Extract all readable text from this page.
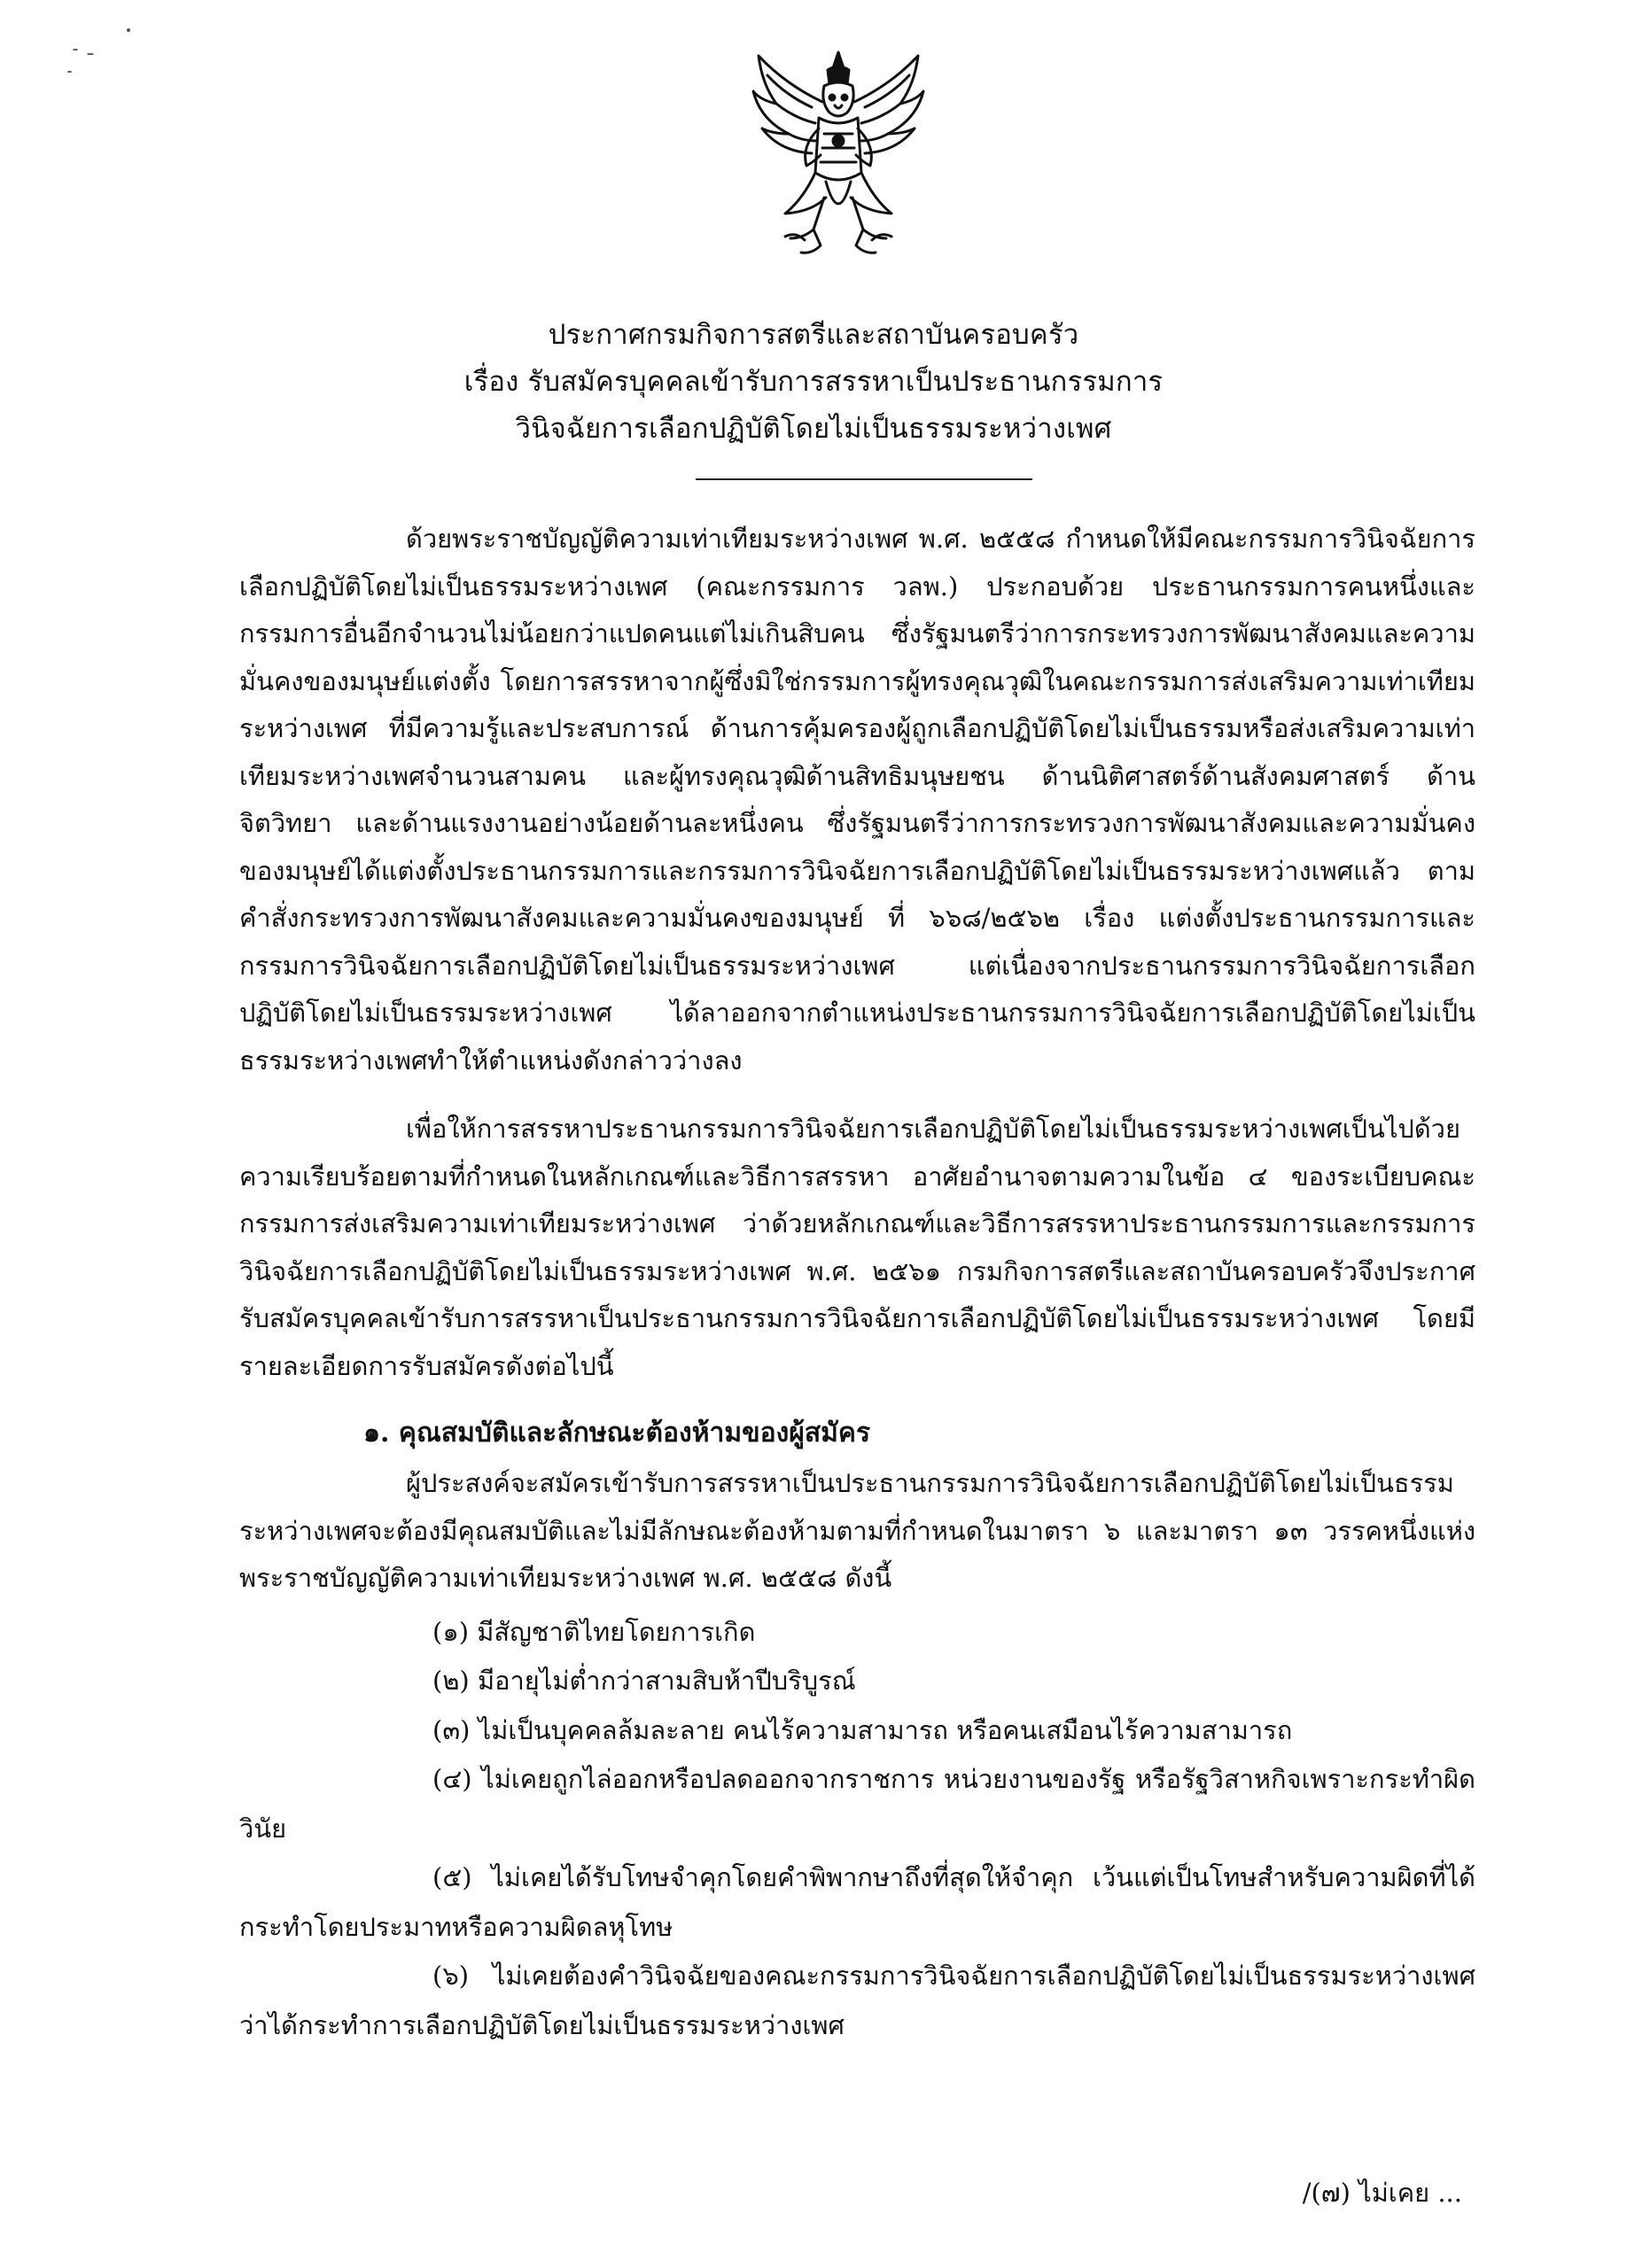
ประกาศกรมกิจการสตรีและสถาบันครอบครัว

เรื่อง รับสมัครบุคคลเข้ารับการสรรหาเป็นประธานกรรมการ

วินิจฉัยการเลือกปฏิบัติโดยไม่เป็นธรรมระหว่างเพศ

ด้วยพระราชบัญญัติความเท่าเทียมระหว่างเพศ พ.ศ. ๒๕๕๘ กำหนดให้มีคณะกรรมการวินิจฉัยการเลือกปฏิบัติโดยไม่เป็นธรรมระหว่างเพศ (คณะกรรมการ วลพ.) ประกอบด้วย ประธานกรรมการคนหนึ่งและกรรมการอื่นอีกจำนวนไม่น้อยกว่าแปดคนแต่ไม่เกินสิบคน ซึ่งรัฐมนตรีว่าการกระทรวงการพัฒนาสังคมและความมั่นคงของมนุษย์แต่งตั้ง โดยการสรรหาจากผู้ซึ่งมิใช่กรรมการผู้ทรงคุณวุฒิในคณะกรรมการส่งเสริมความเท่าเทียมระหว่างเพศ ที่มีความรู้และประสบการณ์ ด้านการคุ้มครองผู้ถูกเลือกปฏิบัติโดยไม่เป็นธรรมหรือส่งเสริมความเท่าเทียมระหว่างเพศจำนวนสามคน และผู้ทรงคุณวุฒิด้านสิทธิมนุษยชน ด้านนิติศาสตร์ด้านสังคมศาสตร์ ด้านจิตวิทยา และด้านแรงงานอย่างน้อยด้านละหนึ่งคน ซึ่งรัฐมนตรีว่าการกระทรวงการพัฒนาสังคมและความมั่นคงของมนุษย์ได้แต่งตั้งประธานกรรมการและกรรมการวินิจฉัยการเลือกปฏิบัติโดยไม่เป็นธรรมระหว่างเพศแล้ว ตามคำสั่งกระทรวงการพัฒนาสังคมและความมั่นคงของมนุษย์ ที่ ๖๖๘/๒๕๖๒ เรื่อง แต่งตั้งประธานกรรมการและกรรมการวินิจฉัยการเลือกปฏิบัติโดยไม่เป็นธรรมระหว่างเพศ แต่เนื่องจากประธานกรรมการวินิจฉัยการเลือกปฏิบัติโดยไม่เป็นธรรมระหว่างเพศ ได้ลาออกจากตำแหน่งประธานกรรมการวินิจฉัยการเลือกปฏิบัติโดยไม่เป็นธรรมระหว่างเพศทำให้ตำแหน่งดังกล่าวว่างลง

เพื่อให้การสรรหาประธานกรรมการวินิจฉัยการเลือกปฏิบัติโดยไม่เป็นธรรมระหว่างเพศเป็นไปด้วยความเรียบร้อยตามที่กำหนดในหลักเกณฑ์และวิธีการสรรหา อาศัยอำนาจตามความในข้อ ๔ ของระเบียบคณะกรรมการส่งเสริมความเท่าเทียมระหว่างเพศ ว่าด้วยหลักเกณฑ์และวิธีการสรรหาประธานกรรมการและกรรมการวินิจฉัยการเลือกปฏิบัติโดยไม่เป็นธรรมระหว่างเพศ พ.ศ. ๒๕๖๑ กรมกิจการสตรีและสถาบันครอบครัวจึงประกาศรับสมัครบุคคลเข้ารับการสรรหาเป็นประธานกรรมการวินิจฉัยการเลือกปฏิบัติโดยไม่เป็นธรรมระหว่างเพศ โดยมีรายละเอียดการรับสมัครดังต่อไปนี้

๑. คุณสมบัติและลักษณะต้องห้ามของผู้สมัคร

ผู้ประสงค์จะสมัครเข้ารับการสรรหาเป็นประธานกรรมการวินิจฉัยการเลือกปฏิบัติโดยไม่เป็นธรรมระหว่างเพศจะต้องมีคุณสมบัติและไม่มีลักษณะต้องห้ามตามที่กำหนดในมาตรา ๖ และมาตรา ๑๓ วรรคหนึ่งแห่งพระราชบัญญัติความเท่าเทียมระหว่างเพศ พ.ศ. ๒๕๕๘ ดังนี้

(๑) มีสัญชาติไทยโดยการเกิด

(๒) มีอายุไม่ต่ำกว่าสามสิบห้าปีบริบูรณ์

(๓) ไม่เป็นบุคคลล้มละลาย คนไร้ความสามารถ หรือคนเสมือนไร้ความสามารถ

(๔) ไม่เคยถูกไล่ออกหรือปลดออกจากราชการ หน่วยงานของรัฐ หรือรัฐวิสาหกิจเพราะกระทำผิดวินัย

(๕) ไม่เคยได้รับโทษจำคุกโดยคำพิพากษาถึงที่สุดให้จำคุก เว้นแต่เป็นโทษสำหรับความผิดที่ได้กระทำโดยประมาทหรือความผิดลหุโทษ

(๖) ไม่เคยต้องคำวินิจฉัยของคณะกรรมการวินิจฉัยการเลือกปฏิบัติโดยไม่เป็นธรรมระหว่างเพศว่าได้กระทำการเลือกปฏิบัติโดยไม่เป็นธรรมระหว่างเพศ

/(๗) ไม่เคย ...
